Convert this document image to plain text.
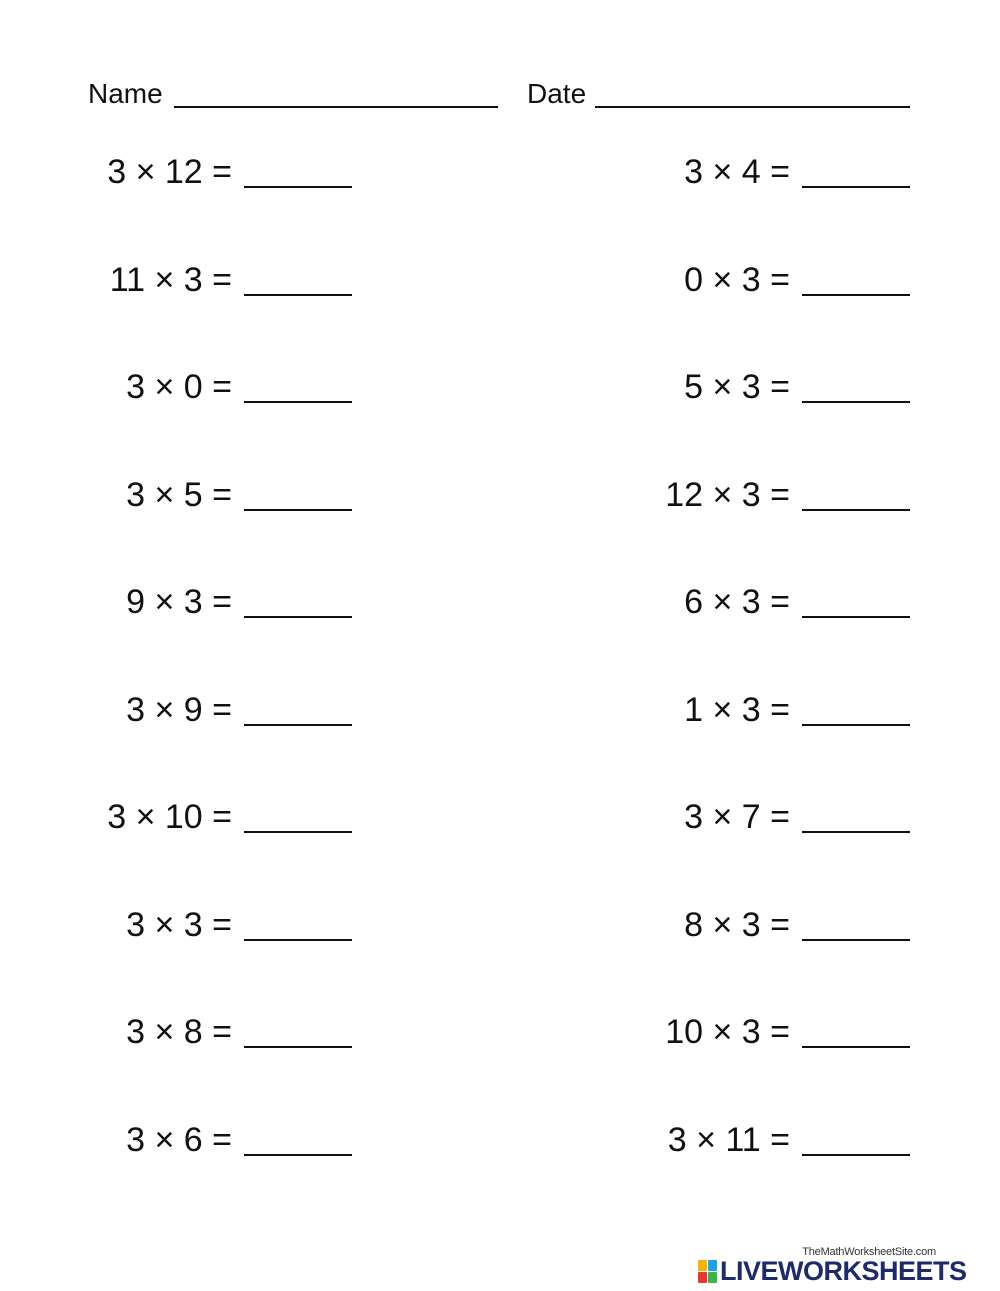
Name	Date
3 × 12 =
11 × 3 =
3 × 0 =
3 × 5 =
9 × 3 =
3 × 9 =
3 × 10 =
3 × 3 =
3 × 8 =
3 × 6 =
3 × 4 =
0 × 3 =
5 × 3 =
12 × 3 =
6 × 3 =
1 × 3 =
3 × 7 =
8 × 3 =
10 × 3 =
3 × 11 =
TheMathWorksheetSite.com
LIVEWORKSHEETS
